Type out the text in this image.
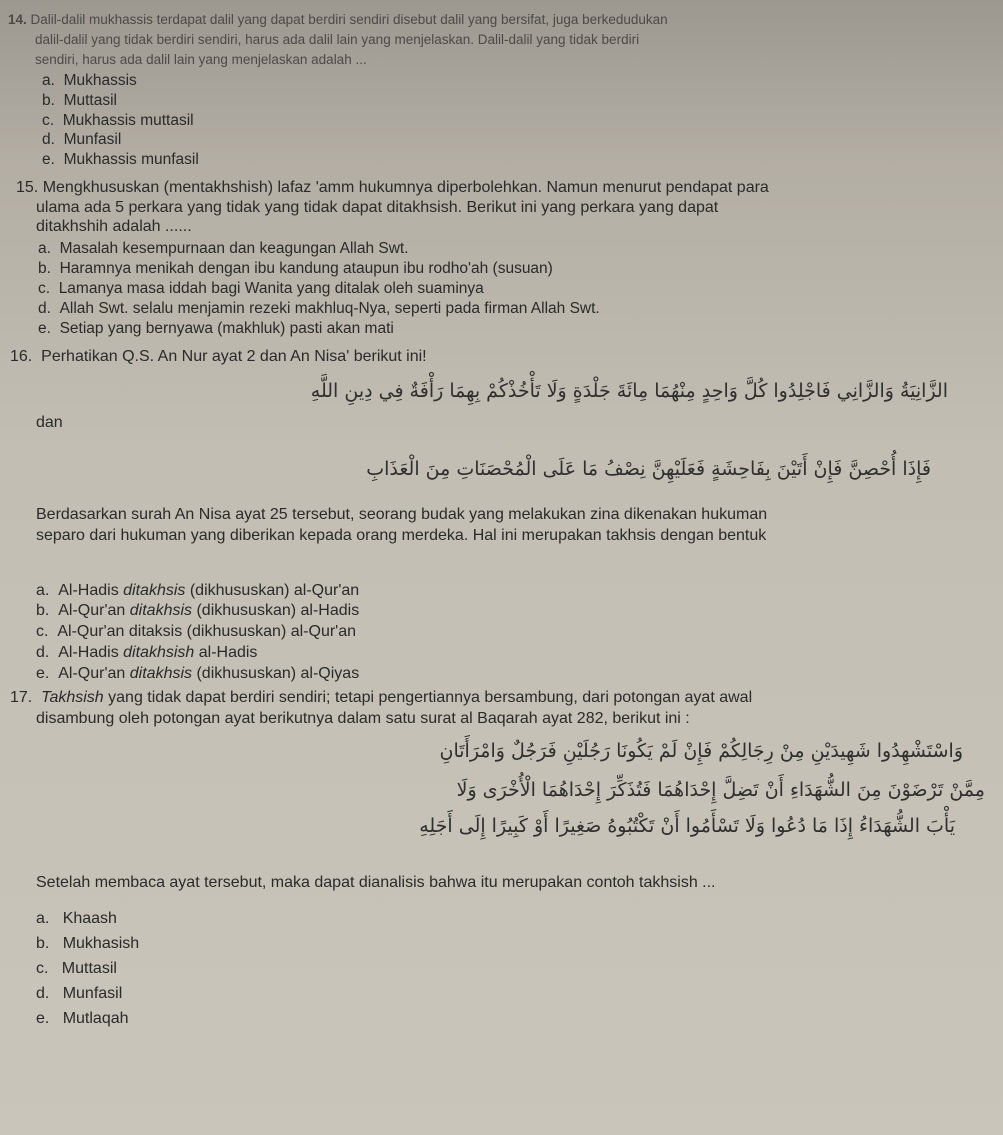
14. Dalil-dalil mukhassis terdapat dalil yang dapat berdiri sendiri disebut dalil yang bersifat, juga berkedudukan
dalil-dalil yang tidak berdiri sendiri, harus ada dalil lain yang menjelaskan. Dalil-dalil yang tidak berdiri
sendiri, harus ada dalil lain yang menjelaskan adalah ...
a. Mukhassis
b. Muttasil
c. Mukhassis muttasil
d. Munfasil
e. Mukhassis munfasil
15. Mengkhususkan (mentakhshish) lafaz 'amm hukumnya diperbolehkan. Namun menurut pendapat para
ulama ada 5 perkara yang tidak yang tidak dapat ditakhsish. Berikut ini yang perkara yang dapat
ditakhshih adalah ......
a. Masalah kesempurnaan dan keagungan Allah Swt.
b. Haramnya menikah dengan ibu kandung ataupun ibu rodho'ah (susuan)
c. Lamanya masa iddah bagi Wanita yang ditalak oleh suaminya
d. Allah Swt. selalu menjamin rezeki makhluq-Nya, seperti pada firman Allah Swt.
e. Setiap yang bernyawa (makhluk) pasti akan mati
16. Perhatikan Q.S. An Nur ayat 2 dan An Nisa' berikut ini!
الزَّانِيَةُ وَالزَّانِي فَاجْلِدُوا كُلَّ وَاحِدٍ مِنْهُمَا مِائَةَ جَلْدَةٍ وَلَا تَأْخُذْكُمْ بِهِمَا رَأْفَةٌ فِي دِينِ اللَّهِ
dan
فَإِذَا أُحْصِنَّ فَإِنْ أَتَيْنَ بِفَاحِشَةٍ فَعَلَيْهِنَّ نِصْفُ مَا عَلَى الْمُحْصَنَاتِ مِنَ الْعَذَابِ
Berdasarkan surah An Nisa ayat 25 tersebut, seorang budak yang melakukan zina dikenakan hukuman
separo dari hukuman yang diberikan kepada orang merdeka. Hal ini merupakan takhsis dengan bentuk
a. Al-Hadis ditakhsis (dikhususkan) al-Qur'an
b. Al-Qur'an ditakhsis (dikhususkan) al-Hadis
c. Al-Qur'an ditaksis (dikhususkan) al-Qur'an
d. Al-Hadis ditakhsish al-Hadis
e. Al-Qur'an ditakhsis (dikhususkan) al-Qiyas
17. Takhsish yang tidak dapat berdiri sendiri; tetapi pengertiannya bersambung, dari potongan ayat awal
disambung oleh potongan ayat berikutnya dalam satu surat al Baqarah ayat 282, berikut ini :
وَاسْتَشْهِدُوا شَهِيدَيْنِ مِنْ رِجَالِكُمْ فَإِنْ لَمْ يَكُونَا رَجُلَيْنِ فَرَجُلٌ وَامْرَأَتَانِ
مِمَّنْ تَرْضَوْنَ مِنَ الشُّهَدَاءِ أَنْ تَضِلَّ إِحْدَاهُمَا فَتُذَكِّرَ إِحْدَاهُمَا الْأُخْرَى وَلَا
يَأْبَ الشُّهَدَاءُ إِذَا مَا دُعُوا وَلَا تَسْأَمُوا أَنْ تَكْتُبُوهُ صَغِيرًا أَوْ كَبِيرًا إِلَى أَجَلِهِ
Setelah membaca ayat tersebut, maka dapat dianalisis bahwa itu merupakan contoh takhsish ...
a. Khaash
b. Mukhasish
c. Muttasil
d. Munfasil
e. Mutlaqah
